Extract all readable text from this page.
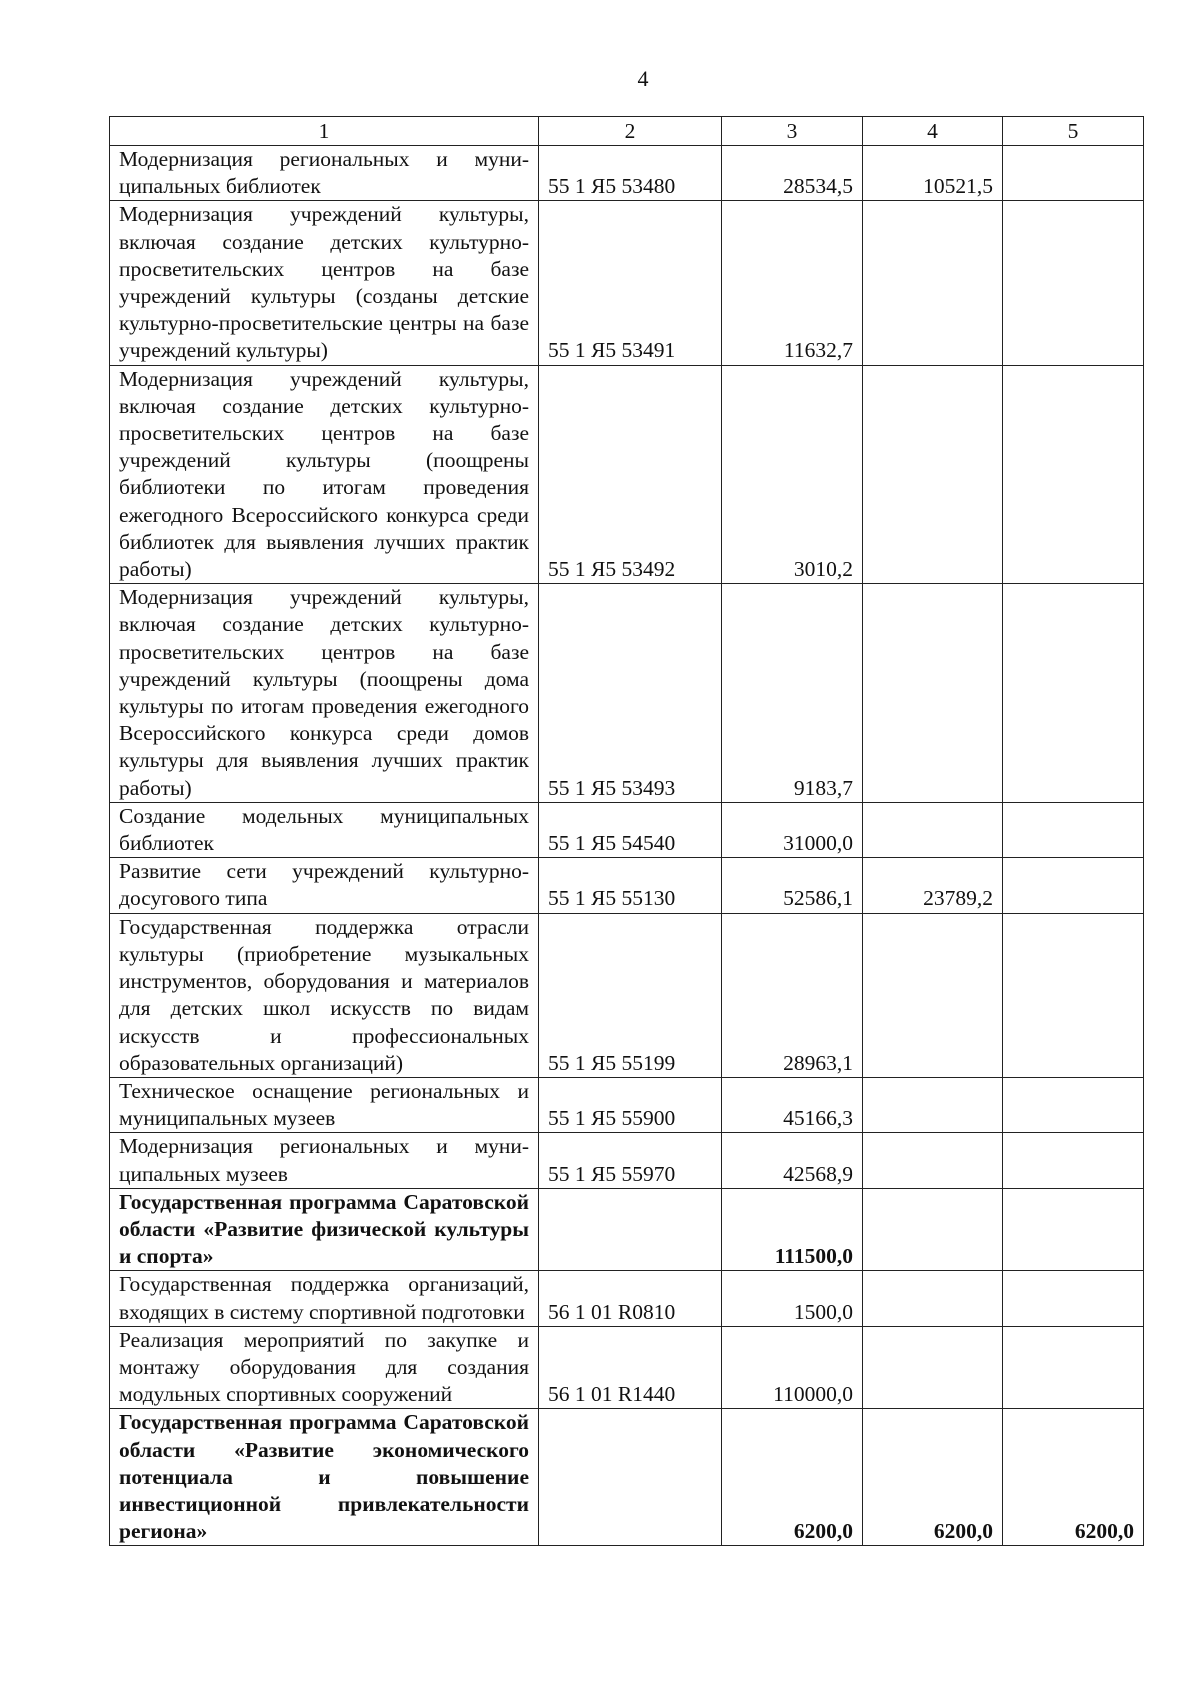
4
1	2	3	4	5
Модернизация региональных и муни-ципальных библиотек	55 1 Я5 53480	28534,5	10521,5	
Модернизация учреждений культуры, включая создание детских культурно-просветительских центров на базе учреждений культуры (созданы детские культурно-просветительские центры на базе учреждений культуры)	55 1 Я5 53491	11632,7		
Модернизация учреждений культуры, включая создание детских культурно-просветительских центров на базе учреждений культуры (поощрены библиотеки по итогам проведения ежегодного Всероссийского конкурса среди библиотек для выявления лучших практик работы)	55 1 Я5 53492	3010,2		
Модернизация учреждений культуры, включая создание детских культурно-просветительских центров на базе учреждений культуры (поощрены дома культуры по итогам проведения ежегодного Всероссийского конкурса среди домов культуры для выявления лучших практик работы)	55 1 Я5 53493	9183,7		
Создание модельных муниципальных библиотек	55 1 Я5 54540	31000,0		
Развитие сети учреждений культурно-досугового типа	55 1 Я5 55130	52586,1	23789,2	
Государственная поддержка отрасли культуры (приобретение музыкальных инструментов, оборудования и материалов для детских школ искусств по видам искусств и профессиональных образовательных организаций)	55 1 Я5 55199	28963,1		
Техническое оснащение региональных и муниципальных музеев	55 1 Я5 55900	45166,3		
Модернизация региональных и муни-ципальных музеев	55 1 Я5 55970	42568,9		
Государственная программа Саратовской области «Развитие физической культуры и спорта»		111500,0		
Государственная поддержка организаций, входящих в систему спортивной подготовки	56 1 01 R0810	1500,0		
Реализация мероприятий по закупке и монтажу оборудования для создания модульных спортивных сооружений	56 1 01 R1440	110000,0		
Государственная программа Саратовской области «Развитие экономического потенциала и повышение инвестиционной привлекательности региона»		6200,0	6200,0	6200,0
